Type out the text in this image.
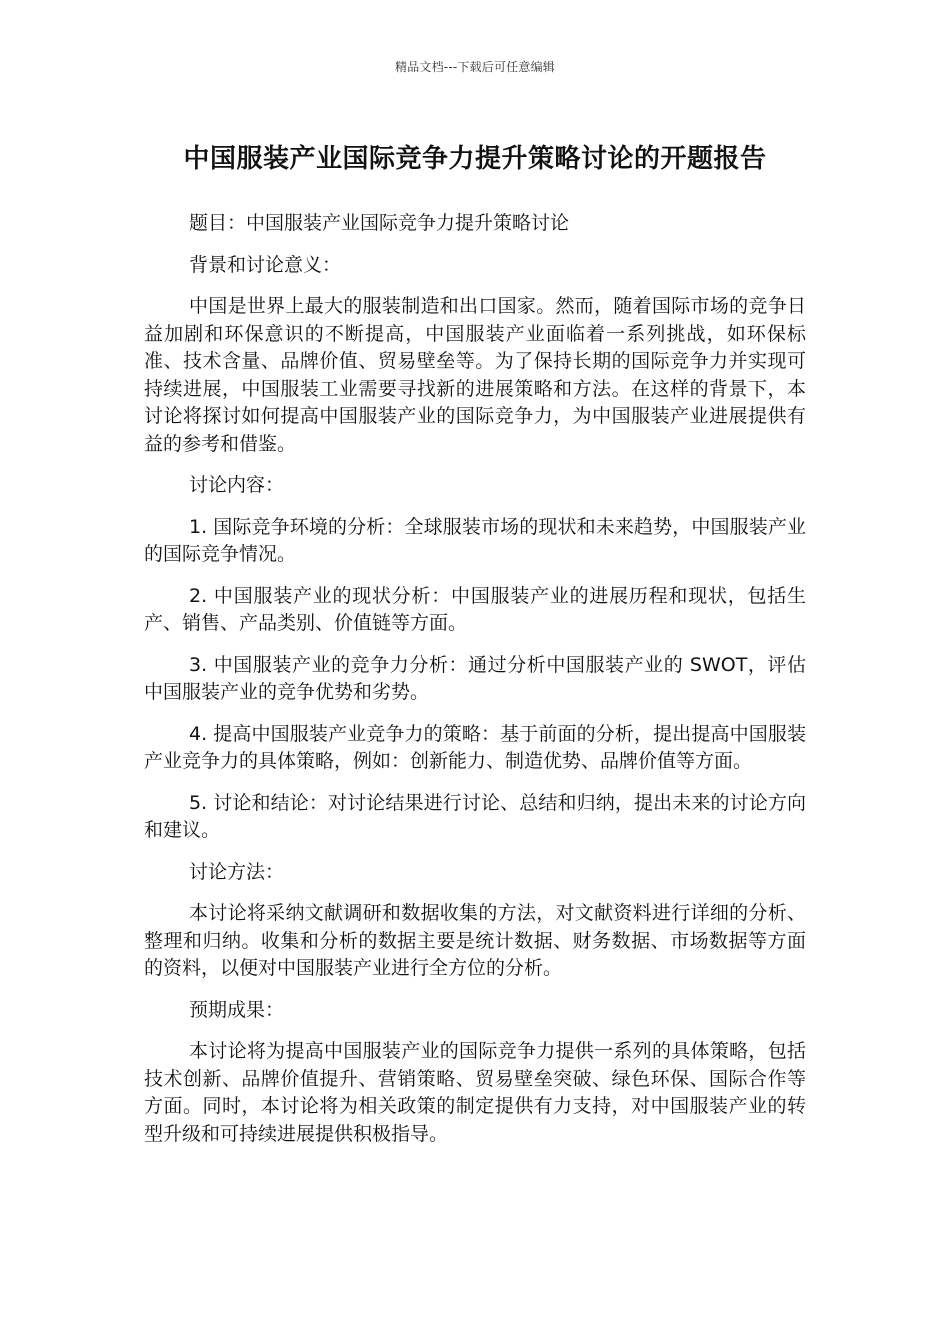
精品文档---下载后可任意编辑
中国服装产业国际竞争力提升策略讨论的开题报告

题目：中国服装产业国际竞争力提升策略讨论

背景和讨论意义：

中国是世界上最大的服装制造和出口国家。然而，随着国际市场的竞争日益加剧和环保意识的不断提高，中国服装产业面临着一系列挑战，如环保标准、技术含量、品牌价值、贸易壁垒等。为了保持长期的国际竞争力并实现可持续进展，中国服装工业需要寻找新的进展策略和方法。在这样的背景下，本讨论将探讨如何提高中国服装产业的国际竞争力，为中国服装产业进展提供有益的参考和借鉴。

讨论内容：

1. 国际竞争环境的分析：全球服装市场的现状和未来趋势，中国服装产业的国际竞争情况。

2. 中国服装产业的现状分析：中国服装产业的进展历程和现状，包括生产、销售、产品类别、价值链等方面。

3. 中国服装产业的竞争力分析：通过分析中国服装产业的 SWOT，评估中国服装产业的竞争优势和劣势。

4. 提高中国服装产业竞争力的策略：基于前面的分析，提出提高中国服装产业竞争力的具体策略，例如：创新能力、制造优势、品牌价值等方面。

5. 讨论和结论：对讨论结果进行讨论、总结和归纳，提出未来的讨论方向和建议。

讨论方法：

本讨论将采纳文献调研和数据收集的方法，对文献资料进行详细的分析、整理和归纳。收集和分析的数据主要是统计数据、财务数据、市场数据等方面的资料，以便对中国服装产业进行全方位的分析。

预期成果：

本讨论将为提高中国服装产业的国际竞争力提供一系列的具体策略，包括技术创新、品牌价值提升、营销策略、贸易壁垒突破、绿色环保、国际合作等方面。同时，本讨论将为相关政策的制定提供有力支持，对中国服装产业的转型升级和可持续进展提供积极指导。
